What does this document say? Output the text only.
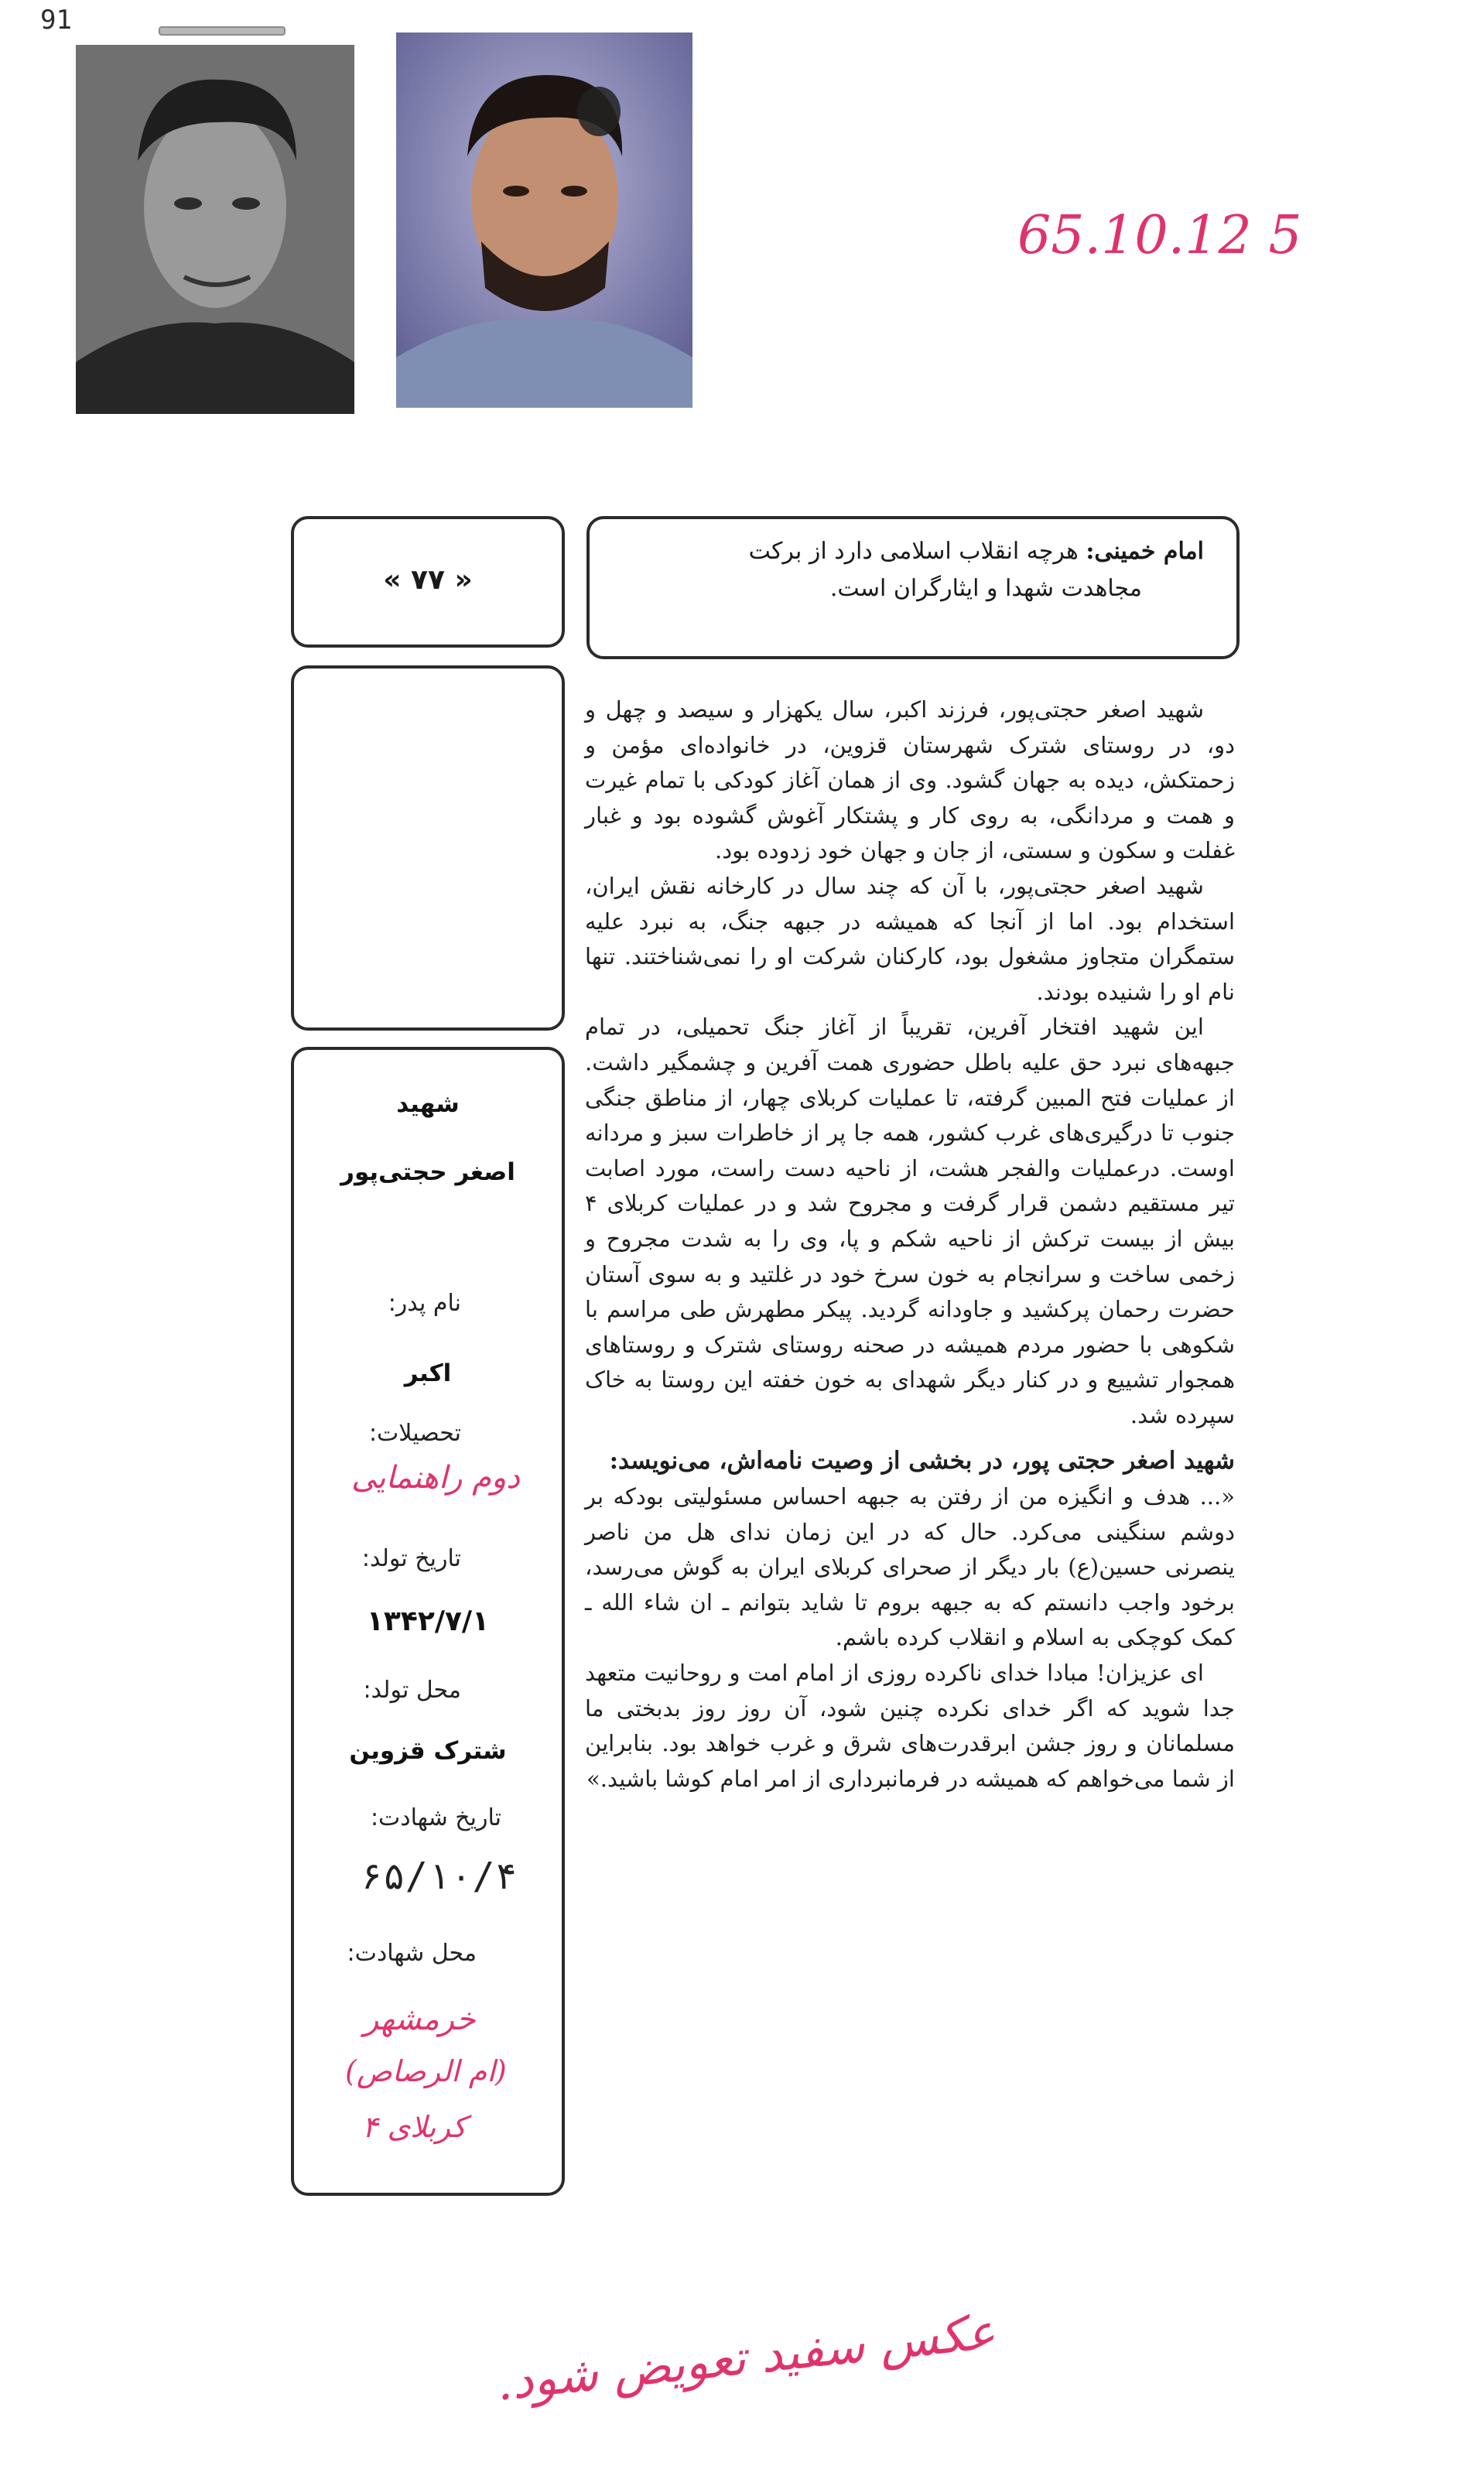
91
65.10.12 5
امام خمینی: هرچه انقلاب اسلامی دارد از برکت
مجاهدت شهدا و ایثارگران است.
« ۷۷ »
شهید
اصغر حجتی‌پور
نام پدر:
اکبر
تحصیلات:
دوم راهنمایی
تاریخ تولد:
۱۳۴۲/۷/۱
محل تولد:
شترک قزوین
تاریخ شهادت:
۶۵/۱۰/۴
محل شهادت:
خرمشهر
(ام الرصاص)
کربلای ۴

شهید اصغر حجتی‌پور، فرزند اکبر، سال یکهزار و سیصد و چهل و دو، در روستای شترک شهرستان قزوین، در خانواده‌ای مؤمن و زحمتکش، دیده به جهان گشود. وی از همان آغاز کودکی با تمام غیرت و همت و مردانگی، به روی کار و پشتکار آغوش گشوده بود و غبار غفلت و سکون و سستی، از جان و جهان خود زدوده بود.

شهید اصغر حجتی‌پور، با آن که چند سال در کارخانه نقش ایران، استخدام بود. اما از آنجا که همیشه در جبهه جنگ، به نبرد علیه ستمگران متجاوز مشغول بود، کارکنان شرکت او را نمی‌شناختند. تنها نام او را شنیده بودند.

این شهید افتخار آفرین، تقریباً از آغاز جنگ تحمیلی، در تمام جبهه‌های نبرد حق علیه باطل حضوری همت آفرین و چشمگیر داشت. از عملیات فتح المبین گرفته، تا عملیات کربلای چهار، از مناطق جنگی جنوب تا درگیری‌های غرب کشور، همه جا پر از خاطرات سبز و مردانه اوست. درعملیات والفجر هشت، از ناحیه دست راست، مورد اصابت تیر مستقیم دشمن قرار گرفت و مجروح شد و در عملیات کربلای ۴ بیش از بیست ترکش از ناحیه شکم و پا، وی را به شدت مجروح و زخمی ساخت و سرانجام به خون سرخ خود در غلتید و به سوی آستان حضرت رحمان پرکشید و جاودانه گردید. پیکر مطهرش طی مراسم با شکوهی با حضور مردم همیشه در صحنه روستای شترک و روستاهای همجوار تشییع و در کنار دیگر شهدای به خون خفته این روستا به خاک سپرده شد.

شهید اصغر حجتی پور، در بخشی از وصیت نامه‌اش، می‌نویسد:

«... هدف و انگیزه من از رفتن به جبهه احساس مسئولیتی بودکه بر دوشم سنگینی می‌کرد. حال که در این زمان ندای هل من ناصر ینصرنی حسین(ع) بار دیگر از صحرای کربلای ایران به گوش می‌رسد، برخود واجب دانستم که به جبهه بروم تا شاید بتوانم ـ ان شاء الله ـ کمک کوچکی به اسلام و انقلاب کرده باشم.

ای عزیزان! مبادا خدای ناکرده روزی از امام امت و روحانیت متعهد جدا شوید که اگر خدای نکرده چنین شود، آن روز روز بدبختی ما مسلمانان و روز جشن ابرقدرت‌های شرق و غرب خواهد بود. بنابراین از شما می‌خواهم که همیشه در فرمانبرداری از امر امام کوشا باشید.»

عکس سفید تعویض شود.
